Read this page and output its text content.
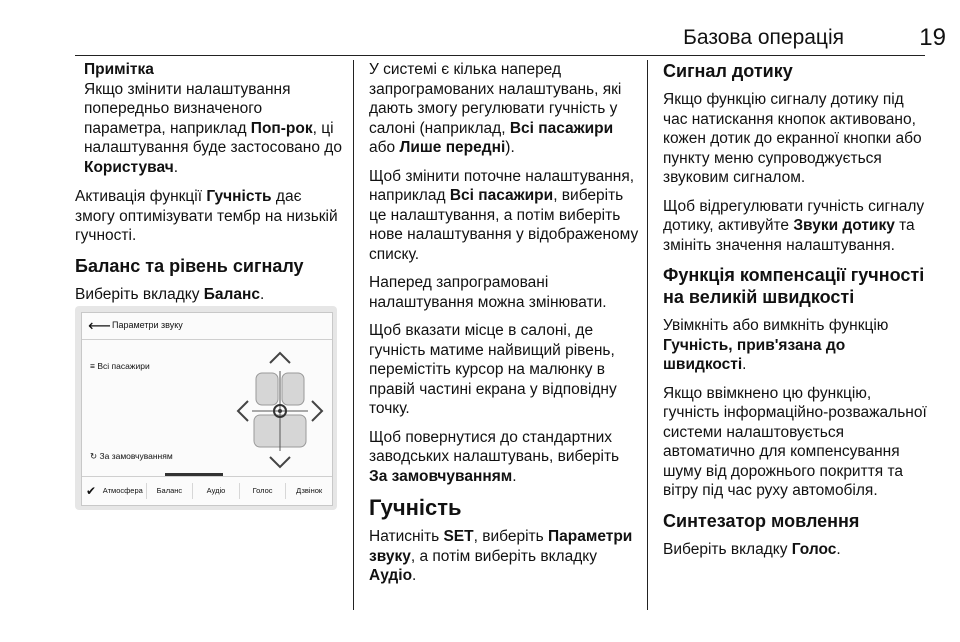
Базова операція	19
Примітка
Якщо змінити налаштування попередньо визначеного параметра, наприклад Поп-рок, ці налаштування буде застосовано до Користувач.

Активація функції Гучність дає змогу оптимізувати тембр на низькій гучності.

Баланс та рівень сигналу

Виберіть вкладку Баланс.

⟵ Параметри звуку
≡ Всі пасажири
↻ За замовчуванням
✔ Атмосфера	Баланс	Аудіо	Голос	Дзвінок

У системі є кілька наперед запрограмованих налаштувань, які дають змогу регулювати гучність у салоні (наприклад, Всі пасажири або Лише передні).

Щоб змінити поточне налаштування, наприклад Всі пасажири, виберіть це налаштування, а потім виберіть нове налаштування у відображеному списку.

Наперед запрограмовані налаштування можна змінювати.

Щоб вказати місце в салоні, де гучність матиме найвищий рівень, перемістіть курсор на малюнку в правій частині екрана у відповідну точку.

Щоб повернутися до стандартних заводських налаштувань, виберіть За замовчуванням.

Гучність

Натисніть SET, виберіть Параметри звуку, а потім виберіть вкладку Аудіо.

Сигнал дотику

Якщо функцію сигналу дотику під час натискання кнопок активовано, кожен дотик до екранної кнопки або пункту меню супроводжується звуковим сигналом.

Щоб відрегулювати гучність сигналу дотику, активуйте Звуки дотику та змініть значення налаштування.

Функція компенсації гучності на великій швидкості

Увімкніть або вимкніть функцію Гучність, прив'язана до швидкості.

Якщо ввімкнено цю функцію, гучність інформаційно-розважальної системи налаштовується автоматично для компенсування шуму від дорожнього покриття та вітру під час руху автомобіля.

Синтезатор мовлення

Виберіть вкладку Голос.
